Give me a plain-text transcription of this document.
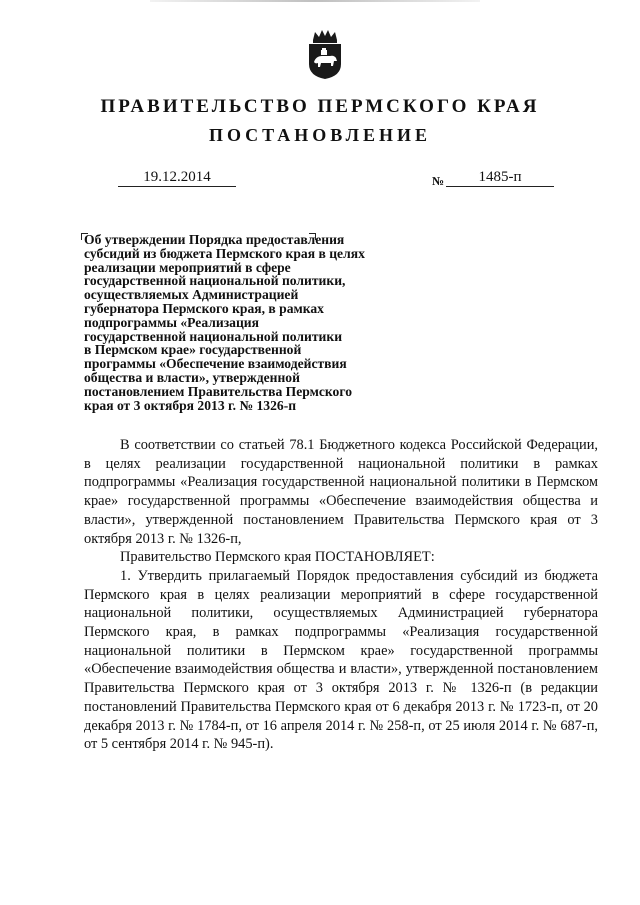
ПРАВИТЕЛЬСТВО ПЕРМСКОГО КРАЯ
ПОСТАНОВЛЕНИЕ
19.12.2014	№	1485-п
Об утверждении Порядка предоставления
субсидий из бюджета Пермского края в целях
реализации мероприятий в сфере
государственной национальной политики,
осуществляемых Администрацией
губернатора Пермского края, в рамках
подпрограммы «Реализация
государственной национальной политики
в Пермском крае» государственной
программы «Обеспечение взаимодействия
общества и власти», утвержденной
постановлением Правительства Пермского
края от 3 октября 2013 г. № 1326-п

В соответствии со статьей 78.1 Бюджетного кодекса Российской Федерации, в целях реализации государственной национальной политики в рамках подпрограммы «Реализация государственной национальной политики в Пермском крае» государственной программы «Обеспечение взаимодействия общества и власти», утвержденной постановлением Правительства Пермского края от 3 октября 2013 г. № 1326-п,

Правительство Пермского края ПОСТАНОВЛЯЕТ:

1. Утвердить прилагаемый Порядок предоставления субсидий из бюджета Пермского края в целях реализации мероприятий в сфере государственной национальной политики, осуществляемых Администрацией губернатора Пермского края, в рамках подпрограммы «Реализация государственной национальной политики в Пермском крае» государственной программы «Обеспечение взаимодействия общества и власти», утвержденной постановлением Правительства Пермского края от 3 октября 2013 г. № 1326-п (в редакции постановлений Правительства Пермского края от 6 декабря 2013 г. № 1723-п, от 20 декабря 2013 г. № 1784-п, от 16 апреля 2014 г. № 258-п, от 25 июля 2014 г. № 687-п, от 5 сентября 2014 г. № 945-п).
